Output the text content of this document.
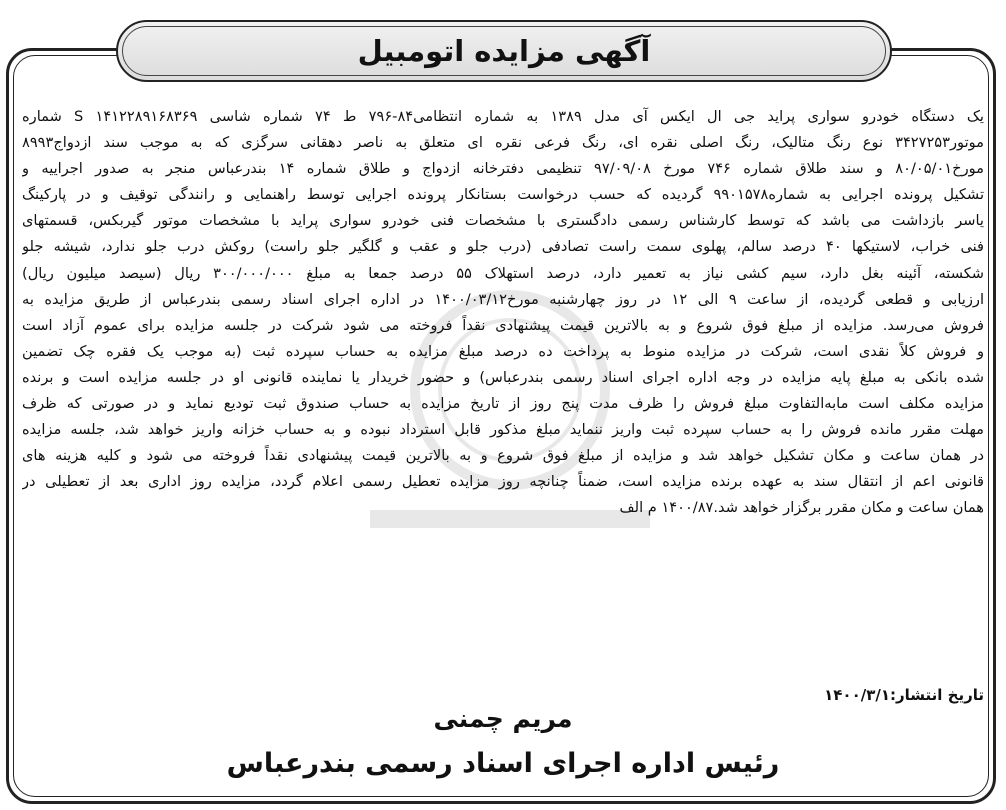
آگهی مزایده اتومبیل
یک دستگاه خودرو سواری پراید جی ال ایکس آی مدل ۱۳۸۹ به شماره انتظامی۸۴-۷۹۶ ط ۷۴ شماره شاسی ۱۴۱۲۲۸۹۱۶۸۳۶۹ S شماره
موتور۳۴۲۷۲۵۳ نوع رنگ متالیک، رنگ اصلی نقره ای، رنگ فرعی نقره ای متعلق به ناصر دهقانی سرگزی که به موجب سند ازدواج۸۹۹۳
مورخ۸۰/۰۵/۰۱ و سند طلاق شماره ۷۴۶ مورخ ۹۷/۰۹/۰۸ تنظیمی دفترخانه ازدواج و طلاق شماره ۱۴ بندرعباس منجر به صدور اجراییه و
تشکیل پرونده اجرایی به شماره۹۹۰۱۵۷۸ گردیده که حسب درخواست بستانکار پرونده اجرایی توسط راهنمایی و رانندگی توقیف و در پارکینگ
یاسر بازداشت می باشد که توسط کارشناس رسمی دادگستری با مشخصات فنی خودرو سواری پراید با مشخصات موتور گیربکس، قسمتهای
فنی خراب، لاستیکها ۴۰ درصد سالم، پهلوی سمت راست تصادفی (درب جلو و عقب و گلگیر جلو راست) روکش درب جلو ندارد، شیشه جلو
شکسته، آئینه بغل دارد، سیم کشی نیاز به تعمیر دارد، درصد استهلاک ۵۵ درصد جمعا به مبلغ ۳۰۰/۰۰۰/۰۰۰ ریال (سیصد میلیون ریال)
ارزیابی و قطعی گردیده، از ساعت ۹ الی ۱۲ در روز چهارشنبه مورخ۱۴۰۰/۰۳/۱۲ در اداره اجرای اسناد رسمی بندرعباس از طریق مزایده به
فروش می‌رسد. مزایده از مبلغ فوق شروع و به بالاترین قیمت پیشنهادی نقداً فروخته می شود شرکت در جلسه مزایده برای عموم آزاد است
و فروش کلاً نقدی است، شرکت در مزایده منوط به پرداخت ده درصد مبلغ مزایده به حساب سپرده ثبت (به موجب یک فقره چک تضمین
شده بانکی به مبلغ پایه مزایده در وجه اداره اجرای اسناد رسمی بندرعباس) و حضور خریدار یا نماینده قانونی او در جلسه مزایده است و برنده
مزایده مکلف است مابه‌التفاوت مبلغ فروش را ظرف مدت پنج روز از تاریخ مزایده به حساب صندوق ثبت تودیع نماید و در صورتی که ظرف
مهلت مقرر مانده فروش را به حساب سپرده ثبت واریز ننماید مبلغ مذکور قابل استرداد نبوده و به حساب خزانه واریز خواهد شد، جلسه مزایده
در همان ساعت و مکان تشکیل خواهد شد و مزایده از مبلغ فوق شروع و به بالاترین قیمت پیشنهادی نقداً فروخته می شود و کلیه هزینه های
قانونی اعم از انتقال سند به عهده برنده مزایده است، ضمناً چنانچه روز مزایده تعطیل رسمی اعلام گردد، مزایده روز اداری بعد از تعطیلی در
همان ساعت و مکان مقرر برگزار خواهد شد.۱۴۰۰/۸۷ م الف
تاریخ انتشار:۱۴۰۰/۳/۱
مریم چمنی
رئیس اداره اجرای اسناد رسمی بندرعباس
